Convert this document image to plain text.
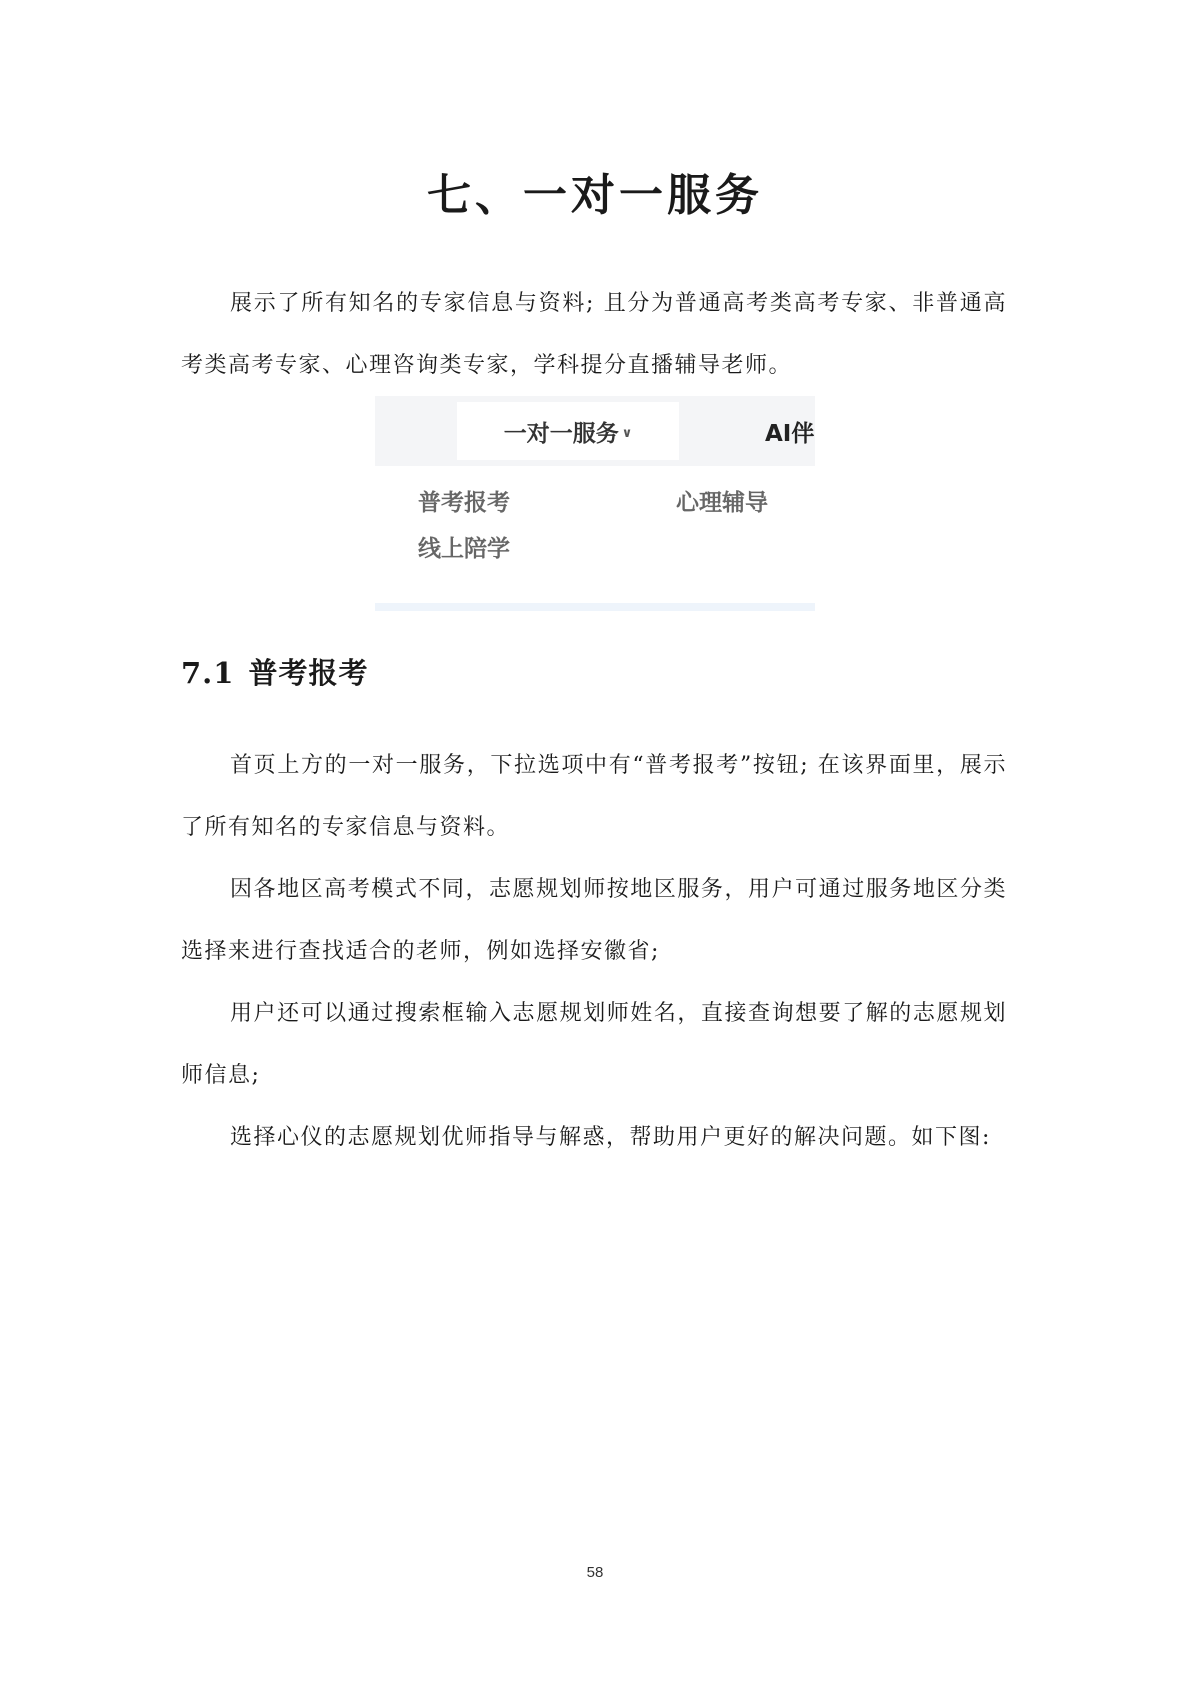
七、一对一服务

展示了所有知名的专家信息与资料; 且分为普通高考类高考专家、非普通高考类高考专家、心理咨询类专家，学科提分直播辅导老师。

一对一服务 ∨	AI伴
普考报考	心理辅导
线上陪学
7.1 普考报考

首页上方的一对一服务，下拉选项中有“普考报考”按钮; 在该界面里，展示了所有知名的专家信息与资料。

因各地区高考模式不同，志愿规划师按地区服务，用户可通过服务地区分类选择来进行查找适合的老师，例如选择安徽省;

用户还可以通过搜索框输入志愿规划师姓名，直接查询想要了解的志愿规划师信息;

选择心仪的志愿规划优师指导与解惑，帮助用户更好的解决问题。如下图:

58
